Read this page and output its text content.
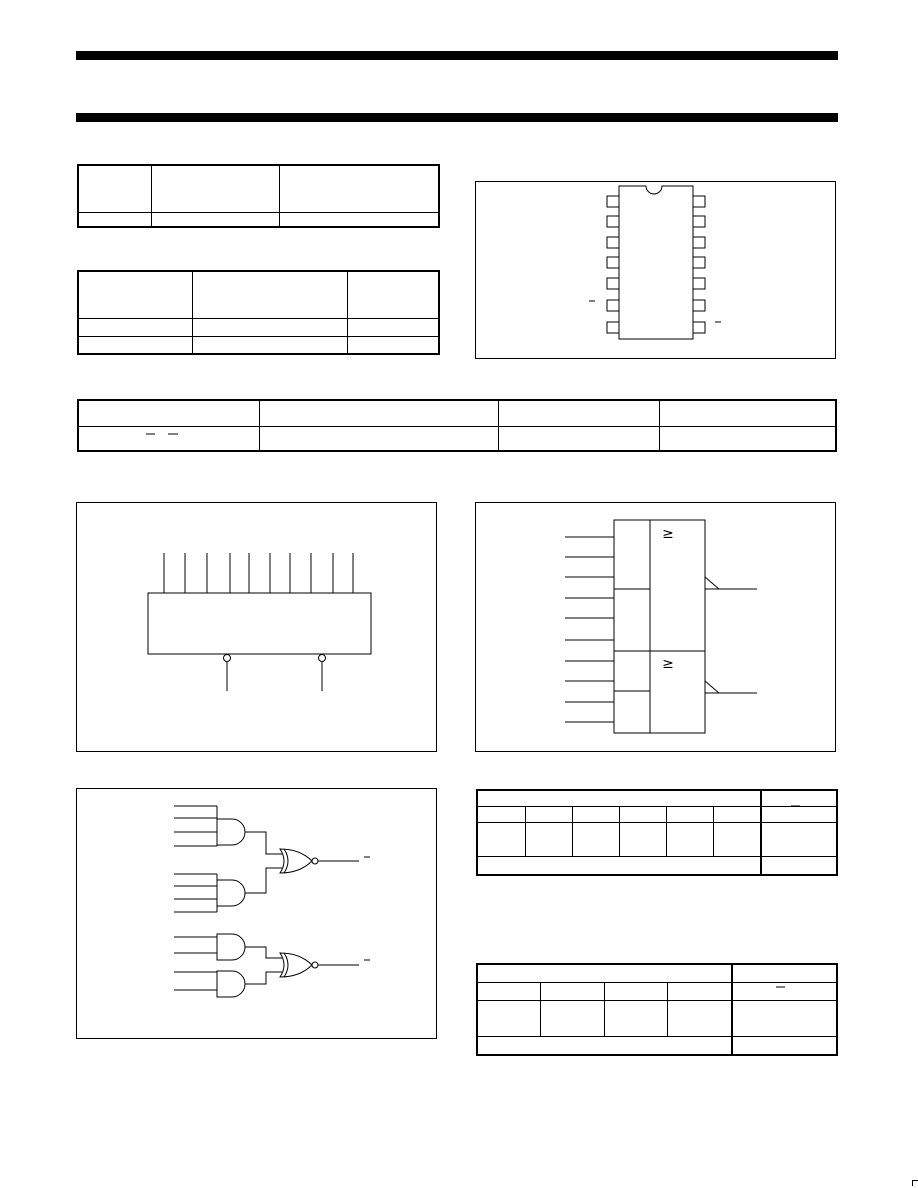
≥
≥
